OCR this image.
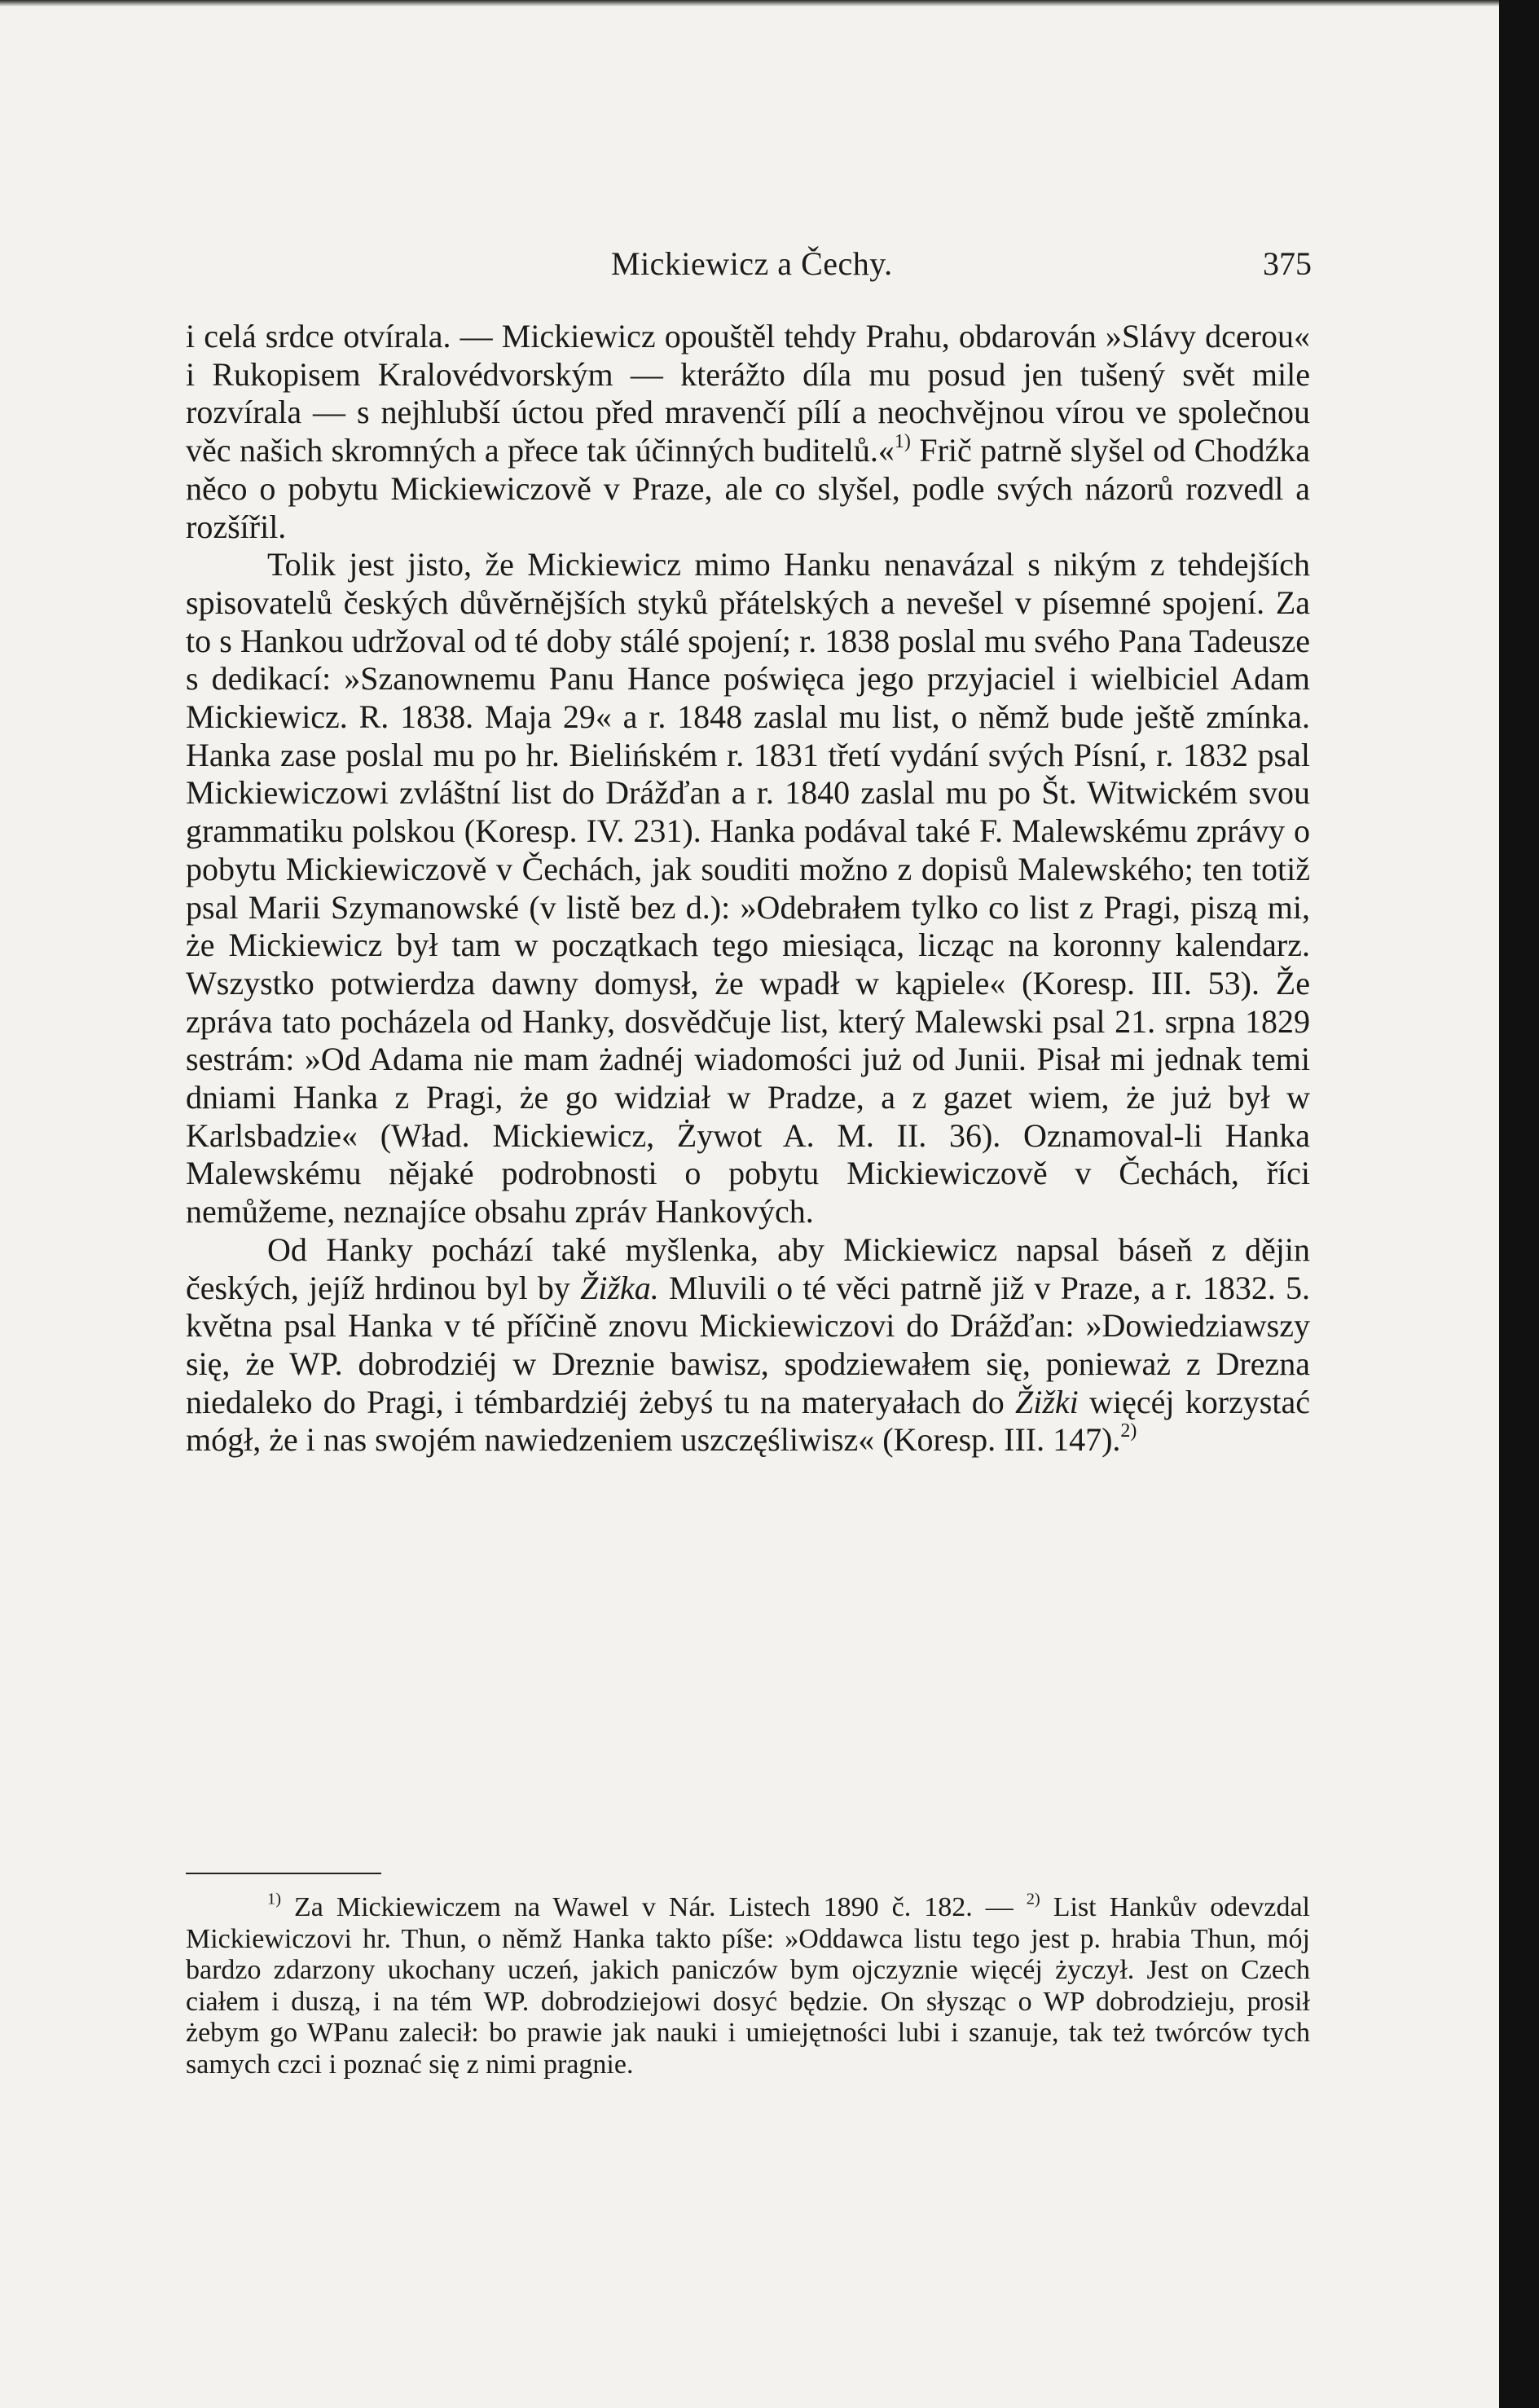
Mickiewicz a Čechy.	375

i celá srdce otvírala. — Mickiewicz opouštěl tehdy Prahu, obdarován »Slávy dcerou« i Rukopisem Kralovédvorským — kterážto díla mu posud jen tušený svět mile rozvírala — s nejhlubší úctou před mravenčí pílí a neochvějnou vírou ve společnou věc našich skromných a přece tak účinných buditelů.«$^{1)}$ Frič patrně slyšel od Chodźka něco o pobytu Mickiewiczově v Praze, ale co slyšel, podle svých názorů rozvedl a rozšířil.

Tolik jest jisto, že Mickiewicz mimo Hanku nenavázal s nikým z tehdejších spisovatelů českých důvěrnějších styků přátelských a nevešel v písemné spojení. Za to s Hankou udržoval od té doby stálé spojení; r. 1838 poslal mu svého Pana Tadeusze s dedikací: »Szanownemu Panu Hance poświęca jego przyjaciel i wielbiciel Adam Mickiewicz. R. 1838. Maja 29« a r. 1848 zaslal mu list, o němž bude ještě zmínka. Hanka zase poslal mu po hr. Bielińském r. 1831 třetí vydání svých Písní, r. 1832 psal Mickiewiczowi zvláštní list do Drážďan a r. 1840 zaslal mu po Št. Witwickém svou grammatiku polskou (Koresp. IV. 231). Hanka podával také F. Malewskému zprávy o pobytu Mickiewiczově v Čechách, jak souditi možno z dopisů Malewského; ten totiž psal Marii Szymanowské (v listě bez d.): »Odebrałem tylko co list z Pragi, piszą mi, że Mickiewicz był tam w początkach tego miesiąca, licząc na koronny kalendarz. Wszystko potwierdza dawny domysł, że wpadł w kąpiele« (Koresp. III. 53). Že zpráva tato pocházela od Hanky, dosvědčuje list, který Malewski psal 21. srpna 1829 sestrám: »Od Adama nie mam żadnéj wiadomości już od Junii. Pisał mi jednak temi dniami Hanka z Pragi, że go widział w Pradze, a z gazet wiem, że już był w Karlsbadzie« (Wład. Mickiewicz, Żywot A. M. II. 36). Oznamoval-li Hanka Malewskému nějaké podrobnosti o pobytu Mickiewiczově v Čechách, říci nemůžeme, neznajíce obsahu zpráv Hankových.

Od Hanky pochází také myšlenka, aby Mickiewicz napsal báseň z dějin českých, jejíž hrdinou byl by Žižka. Mluvili o té věci patrně již v Praze, a r. 1832. 5. května psal Hanka v té příčině znovu Mickiewiczovi do Drážďan: »Dowiedziawszy się, że WP. dobrodziéj w Dreznie bawisz, spodziewałem się, ponieważ z Drezna niedaleko do Pragi, i témbardziéj żebyś tu na materyałach do Žižki więcéj korzystać mógł, że i nas swojém nawiedzeniem uszczęśliwisz« (Koresp. III. 147).$^{2)}$

$^{1)}$ Za Mickiewiczem na Wawel v Nár. Listech 1890 č. 182. — $^{2)}$ List Hankův odevzdal Mickiewiczovi hr. Thun, o němž Hanka takto píše: »Oddawca listu tego jest p. hrabia Thun, mój bardzo zdarzony ukochany uczeń, jakich paniczów bym ojczyznie więcéj życzył. Jest on Czech ciałem i duszą, i na tém WP. dobrodziejowi dosyć będzie. On słysząc o WP dobrodzieju, prosił żebym go WPanu zalecił: bo prawie jak nauki i umiejętności lubi i szanuje, tak też twórców tych samych czci i poznać się z nimi pragnie.
